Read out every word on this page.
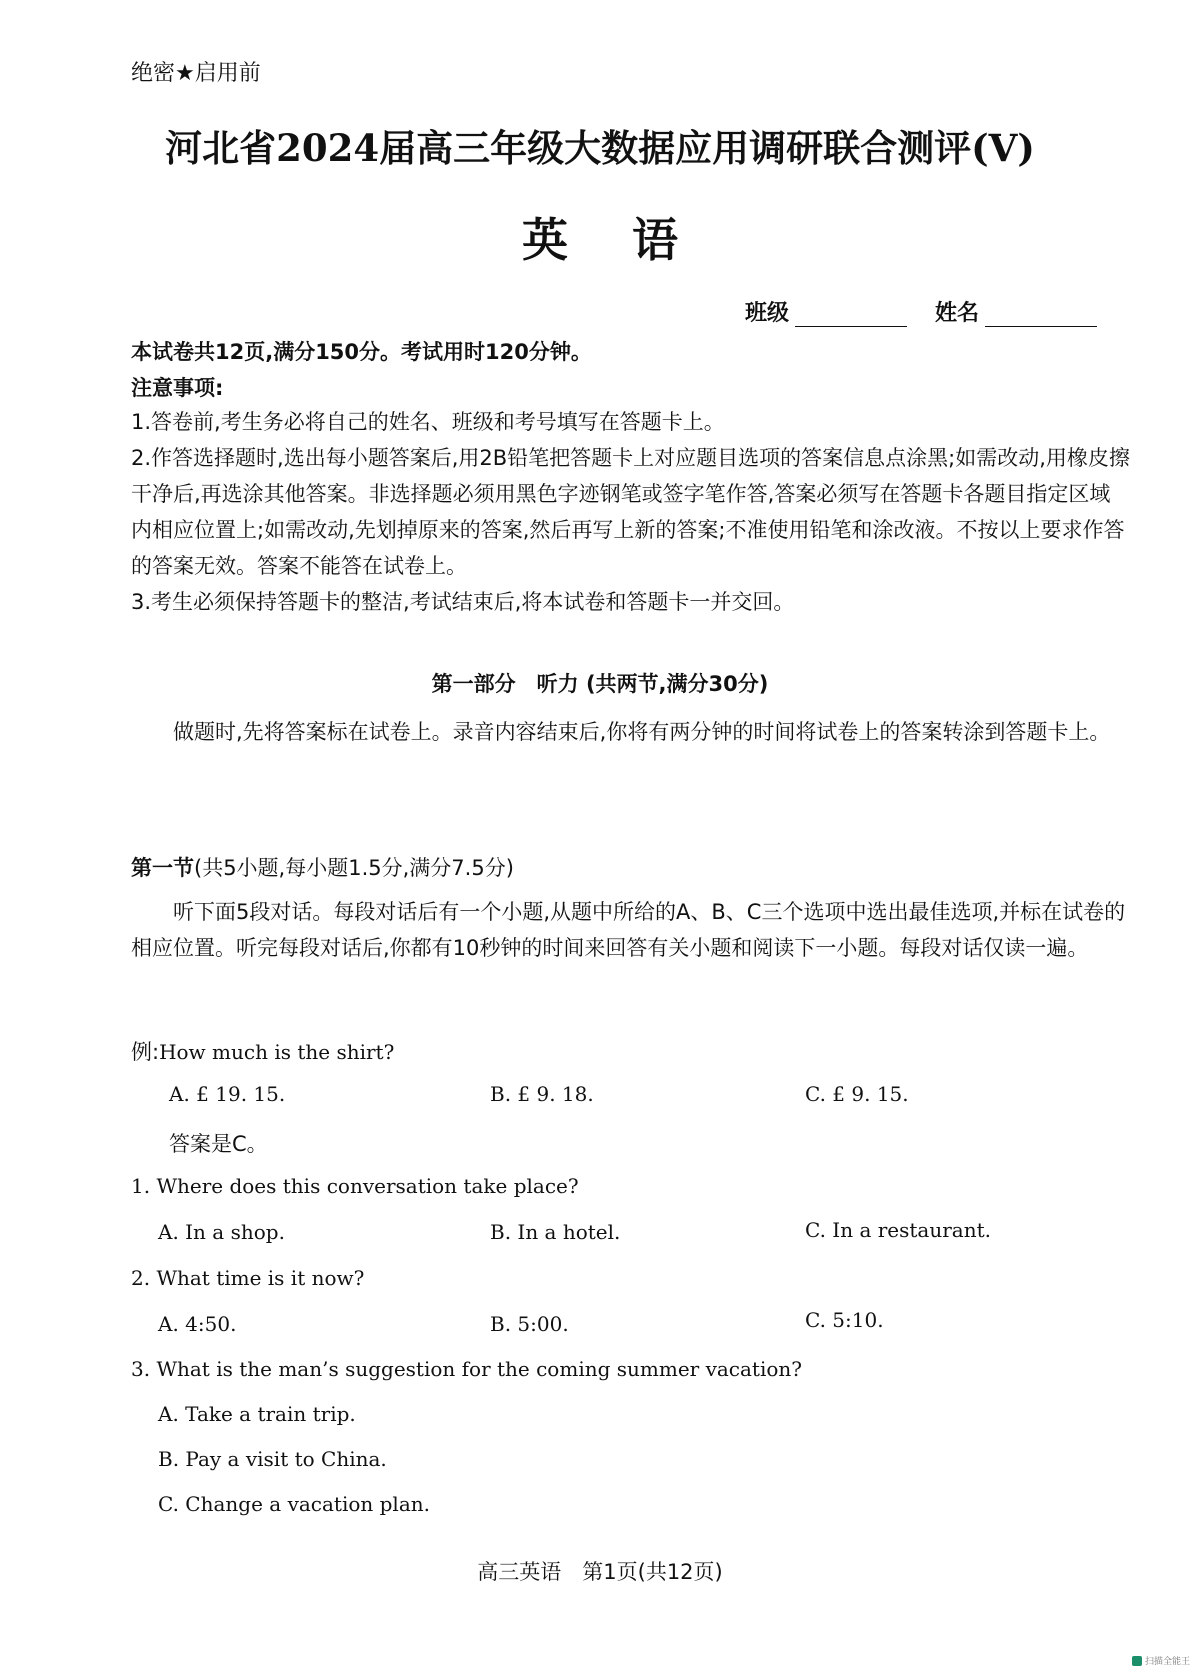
绝密★启用前
河北省2024届高三年级大数据应用调研联合测评(Ⅴ)
英语
班级	姓名
本试卷共12页,满分150分。考试用时120分钟。
注意事项:
1.答卷前,考生务必将自己的姓名、班级和考号填写在答题卡上。
2.作答选择题时,选出每小题答案后,用2B铅笔把答题卡上对应题目选项的答案信息点涂黑;如需改动,用橡皮擦干净后,再选涂其他答案。非选择题必须用黑色字迹钢笔或签字笔作答,答案必须写在答题卡各题目指定区域内相应位置上;如需改动,先划掉原来的答案,然后再写上新的答案;不准使用铅笔和涂改液。不按以上要求作答的答案无效。答案不能答在试卷上。
3.考生必须保持答题卡的整洁,考试结束后,将本试卷和答题卡一并交回。
第一部分　听力 (共两节,满分30分)
做题时,先将答案标在试卷上。录音内容结束后,你将有两分钟的时间将试卷上的答案转涂到答题卡上。
第一节(共5小题,每小题1.5分,满分7.5分)
听下面5段对话。每段对话后有一个小题,从题中所给的A、B、C三个选项中选出最佳选项,并标在试卷的相应位置。听完每段对话后,你都有10秒钟的时间来回答有关小题和阅读下一小题。每段对话仅读一遍。
例:How much is the shirt?
A. £ 19. 15.	B. £ 9. 18.	C. £ 9. 15.
答案是C。
1. Where does this conversation take place?
A. In a shop.	B. In a hotel.	C. In a restaurant.
2. What time is it now?
A. 4:50.	B. 5:00.	C. 5:10.
3. What is the man’s suggestion for the coming summer vacation?
A. Take a train trip.
B. Pay a visit to China.
C. Change a vacation plan.
高三英语　第1页(共12页)
扫描全能王
